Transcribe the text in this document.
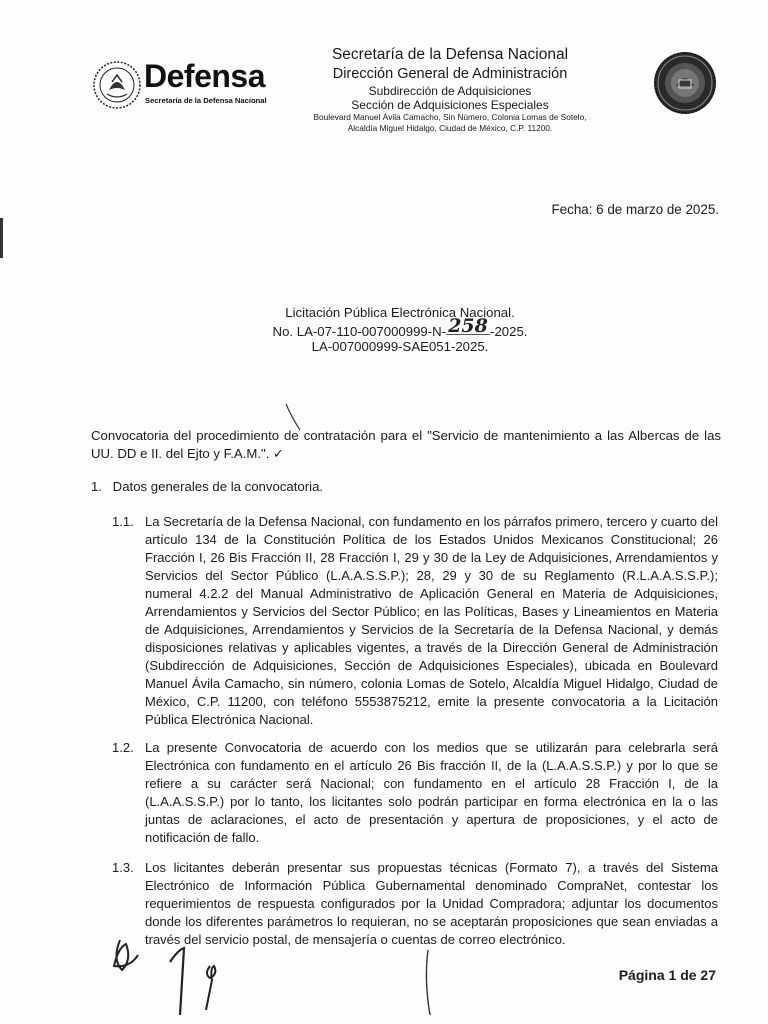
Defensa
Secretaría de la Defensa Nacional
Secretaría de la Defensa Nacional
Dirección General de Administración
Subdirección de Adquisiciones
Sección de Adquisiciones Especiales
Boulevard Manuel Ávila Camacho, Sin Número, Colonia Lomas de Sotelo,
Alcaldía Miguel Hidalgo, Ciudad de México, C.P. 11200.
Fecha: 6 de marzo de 2025.
Licitación Pública Electrónica Nacional.
No. LA-07-110-007000999-N- 258 -2025.
LA-007000999-SAE051-2025.
Convocatoria del procedimiento de contratación para el "Servicio de mantenimiento a las Albercas de las UU. DD e II. del Ejto y F.A.M.". ✓
1. Datos generales de la convocatoria.
1.1. La Secretaría de la Defensa Nacional, con fundamento en los párrafos primero, tercero y cuarto del artículo 134 de la Constitución Política de los Estados Unidos Mexicanos Constitucional; 26 Fracción I, 26 Bis Fracción II, 28 Fracción I, 29 y 30 de la Ley de Adquisiciones, Arrendamientos y Servicios del Sector Público (L.A.A.S.S.P.); 28, 29 y 30 de su Reglamento (R.L.A.A.S.S.P.); numeral 4.2.2 del Manual Administrativo de Aplicación General en Materia de Adquisiciones, Arrendamientos y Servicios del Sector Público; en las Políticas, Bases y Lineamientos en Materia de Adquisiciones, Arrendamientos y Servicios de la Secretaría de la Defensa Nacional, y demás disposiciones relativas y aplicables vigentes, a través de la Dirección General de Administración (Subdirección de Adquisiciones, Sección de Adquisiciones Especiales), ubicada en Boulevard Manuel Ávila Camacho, sin número, colonia Lomas de Sotelo, Alcaldía Miguel Hidalgo, Ciudad de México, C.P. 11200, con teléfono 5553875212, emite la presente convocatoria a la Licitación Pública Electrónica Nacional.
1.2. La presente Convocatoria de acuerdo con los medios que se utilizarán para celebrarla será Electrónica con fundamento en el artículo 26 Bis fracción II, de la (L.A.A.S.S.P.) y por lo que se refiere a su carácter será Nacional; con fundamento en el artículo 28 Fracción I, de la (L.A.A.S.S.P.) por lo tanto, los licitantes solo podrán participar en forma electrónica en la o las juntas de aclaraciones, el acto de presentación y apertura de proposiciones, y el acto de notificación de fallo.
1.3. Los licitantes deberán presentar sus propuestas técnicas (Formato 7), a través del Sistema Electrónico de Información Pública Gubernamental denominado CompraNet, contestar los requerimientos de respuesta configurados por la Unidad Compradora; adjuntar los documentos donde los diferentes parámetros lo requieran, no se aceptarán proposiciones que sean enviadas a través del servicio postal, de mensajería o cuentas de correo electrónico.
Página 1 de 27
